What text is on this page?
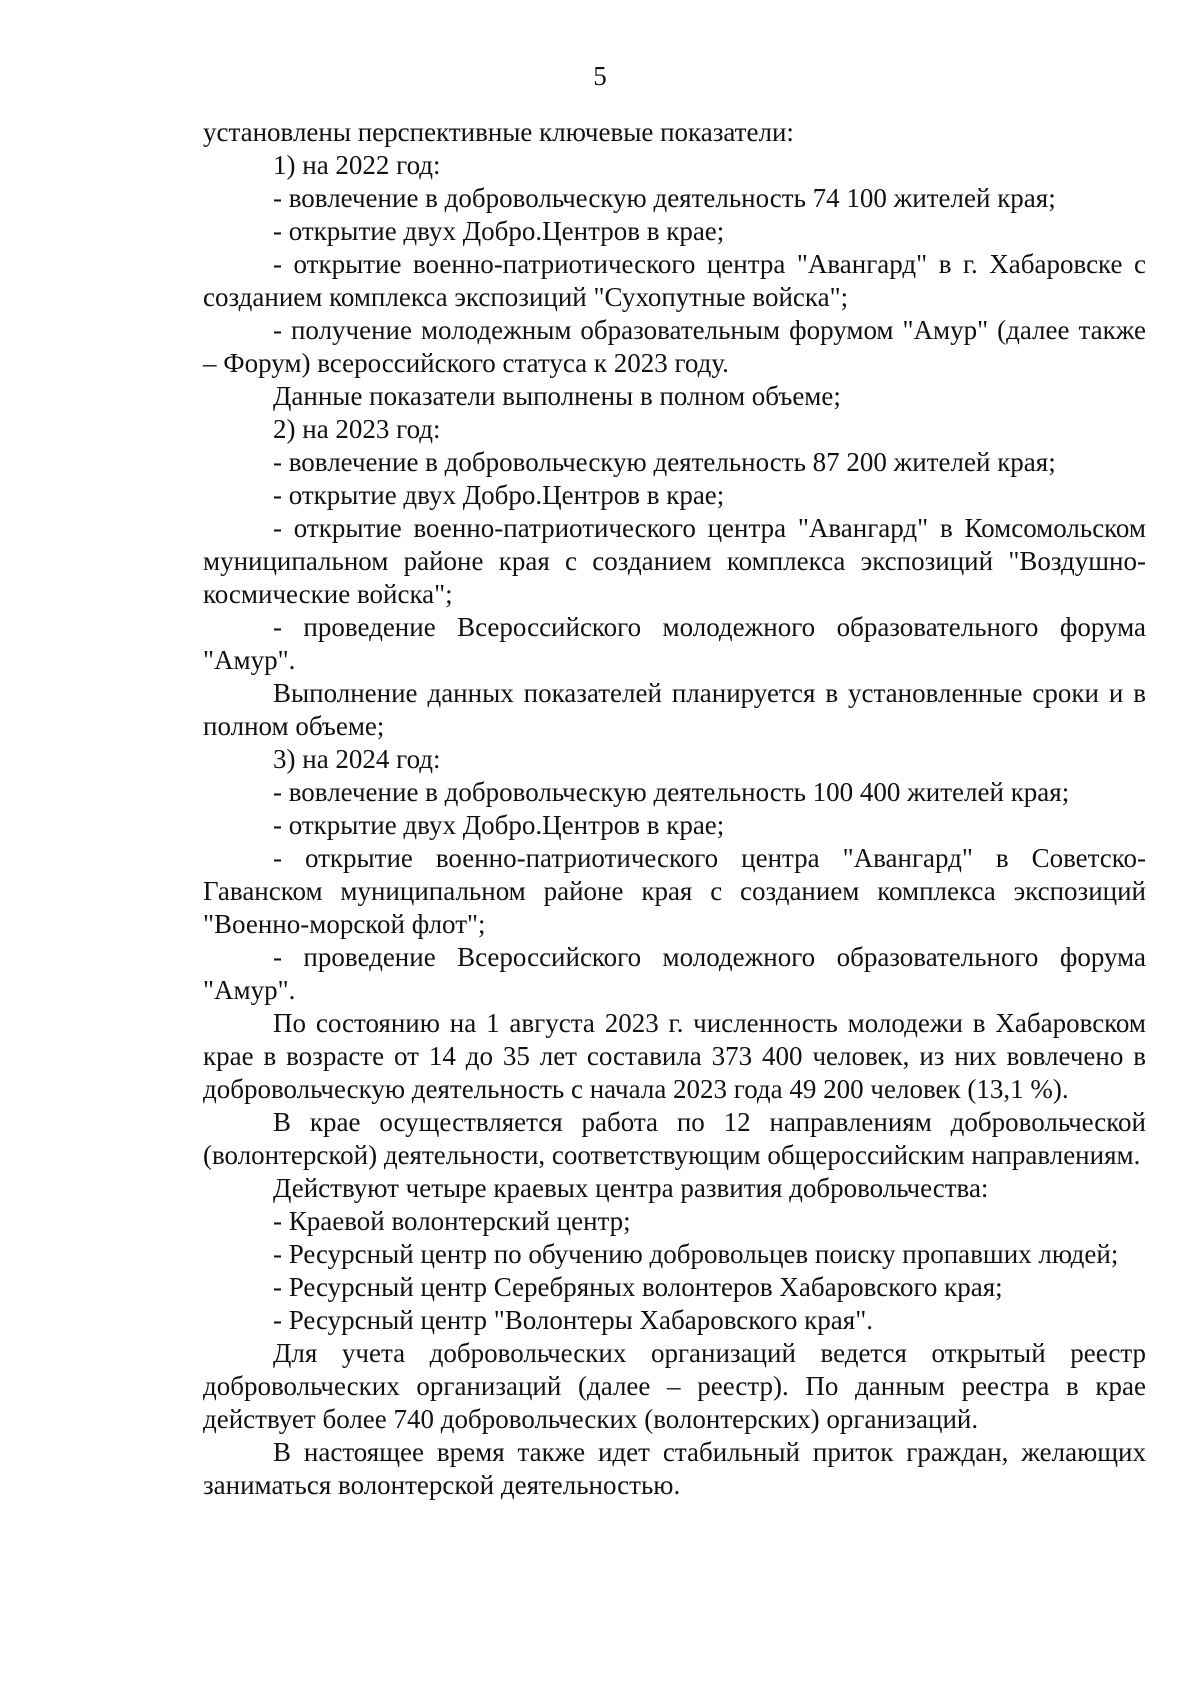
5

установлены перспективные ключевые показатели:

1) на 2022 год:

- вовлечение в добровольческую деятельность 74 100 жителей края;

- открытие двух Добро.Центров в крае;

- открытие военно-патриотического центра "Авангард" в г. Хабаровске с созданием комплекса экспозиций "Сухопутные войска";

- получение молодежным образовательным форумом "Амур" (далее также – Форум) всероссийского статуса к 2023 году.

Данные показатели выполнены в полном объеме;

2) на 2023 год:

- вовлечение в добровольческую деятельность 87 200 жителей края;

- открытие двух Добро.Центров в крае;

- открытие военно-патриотического центра "Авангард" в Комсомольском муниципальном районе края с созданием комплекса экспозиций "Воздушно-космические войска";

- проведение Всероссийского молодежного образовательного форума "Амур".

Выполнение данных показателей планируется в установленные сроки и в полном объеме;

3) на 2024 год:

- вовлечение в добровольческую деятельность 100 400 жителей края;

- открытие двух Добро.Центров в крае;

- открытие военно-патриотического центра "Авангард" в Советско-Гаванском муниципальном районе края с созданием комплекса экспозиций "Военно-морской флот";

- проведение Всероссийского молодежного образовательного форума "Амур".

По состоянию на 1 августа 2023 г. численность молодежи в Хабаровском крае в возрасте от 14 до 35 лет составила 373 400 человек, из них вовлечено в добровольческую деятельность с начала 2023 года 49 200 человек (13,1 %).

В крае осуществляется работа по 12 направлениям добровольческой (волонтерской) деятельности, соответствующим общероссийским направлениям.

Действуют четыре краевых центра развития добровольчества:

- Краевой волонтерский центр;

- Ресурсный центр по обучению добровольцев поиску пропавших людей;

- Ресурсный центр Серебряных волонтеров Хабаровского края;

- Ресурсный центр "Волонтеры Хабаровского края".

Для учета добровольческих организаций ведется открытый реестр добровольческих организаций (далее – реестр). По данным реестра в крае действует более 740 добровольческих (волонтерских) организаций.

В настоящее время также идет стабильный приток граждан, желающих заниматься волонтерской деятельностью.
